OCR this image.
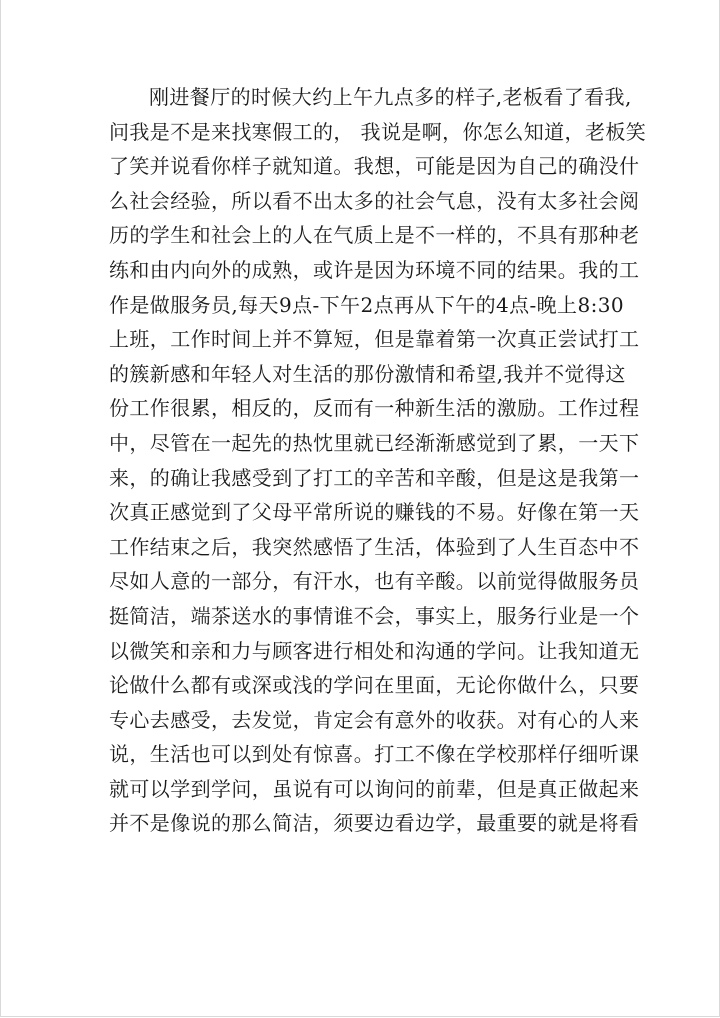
刚进餐厅的时候大约上午九点多的样子,老板看了看我,
问我是不是来找寒假工的， 我说是啊，你怎么知道，老板笑
了笑并说看你样子就知道。我想，可能是因为自己的确没什
么社会经验，所以看不出太多的社会气息，没有太多社会阅
历的学生和社会上的人在气质上是不一样的，不具有那种老
练和由内向外的成熟，或许是因为环境不同的结果。我的工
作是做服务员,每天9点-下午2点再从下午的4点-晚上8:30
上班，工作时间上并不算短，但是靠着第一次真正尝试打工
的簇新感和年轻人对生活的那份激情和希望,我并不觉得这
份工作很累，相反的，反而有一种新生活的激励。工作过程
中，尽管在一起先的热忱里就已经渐渐感觉到了累，一天下
来，的确让我感受到了打工的辛苦和辛酸，但是这是我第一
次真正感觉到了父母平常所说的赚钱的不易。好像在第一天
工作结束之后，我突然感悟了生活，体验到了人生百态中不
尽如人意的一部分，有汗水，也有辛酸。以前觉得做服务员
挺简洁，端茶送水的事情谁不会，事实上，服务行业是一个
以微笑和亲和力与顾客进行相处和沟通的学问。让我知道无
论做什么都有或深或浅的学问在里面，无论你做什么，只要
专心去感受，去发觉，肯定会有意外的收获。对有心的人来
说，生活也可以到处有惊喜。打工不像在学校那样仔细听课
就可以学到学问，虽说有可以询问的前辈，但是真正做起来
并不是像说的那么简洁，须要边看边学，最重要的就是将看
